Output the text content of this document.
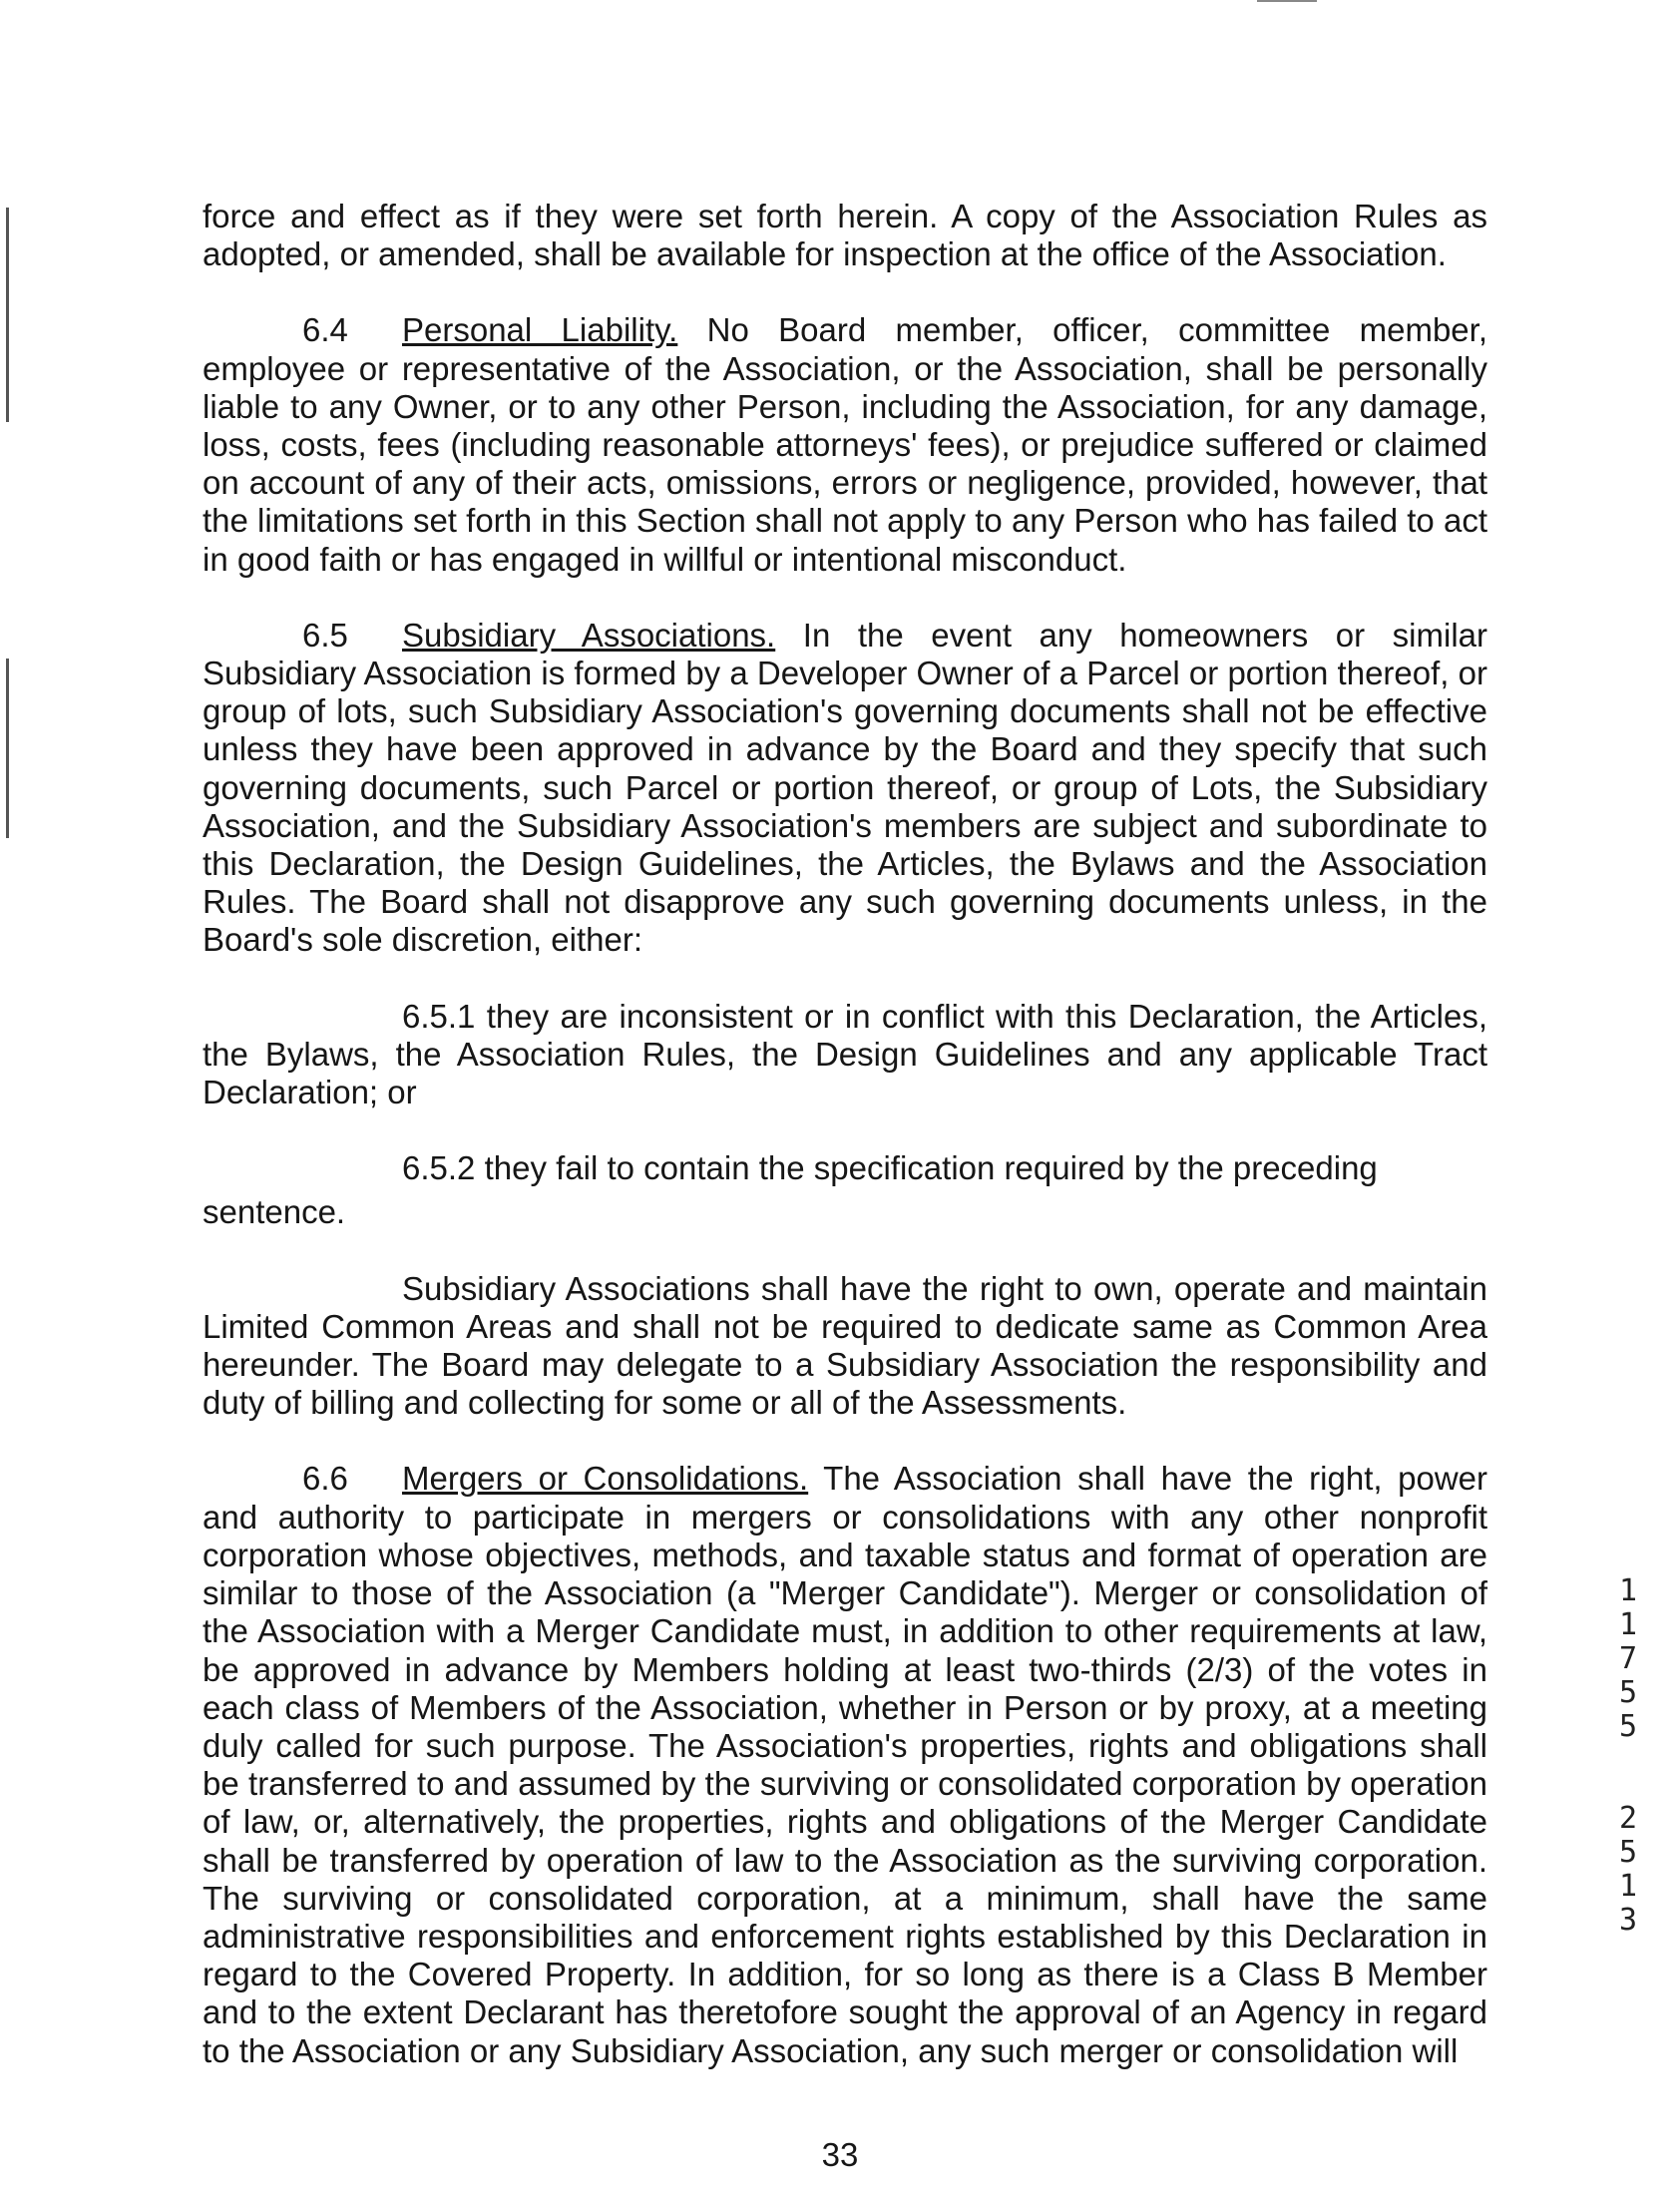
force and effect as if they were set forth herein. A copy of the Association Rules as adopted, or amended, shall be available for inspection at the office of the Association.

6.4 Personal Liability. No Board member, officer, committee member, employee or representative of the Association, or the Association, shall be personally liable to any Owner, or to any other Person, including the Association, for any damage, loss, costs, fees (including reasonable attorneys' fees), or prejudice suffered or claimed on account of any of their acts, omissions, errors or negligence, provided, however, that the limitations set forth in this Section shall not apply to any Person who has failed to act in good faith or has engaged in willful or intentional misconduct.

6.5 Subsidiary Associations. In the event any homeowners or similar Subsidiary Association is formed by a Developer Owner of a Parcel or portion thereof, or group of lots, such Subsidiary Association's governing documents shall not be effective unless they have been approved in advance by the Board and they specify that such governing documents, such Parcel or portion thereof, or group of Lots, the Subsidiary Association, and the Subsidiary Association's members are subject and subordinate to this Declaration, the Design Guidelines, the Articles, the Bylaws and the Association Rules. The Board shall not disapprove any such governing documents unless, in the Board's sole discretion, either:

6.5.1 they are inconsistent or in conflict with this Declaration, the Articles, the Bylaws, the Association Rules, the Design Guidelines and any applicable Tract Declaration; or

6.5.2 they fail to contain the specification required by the preceding

sentence.

Subsidiary Associations shall have the right to own, operate and maintain Limited Common Areas and shall not be required to dedicate same as Common Area hereunder. The Board may delegate to a Subsidiary Association the responsibility and duty of billing and collecting for some or all of the Assessments.

6.6 Mergers or Consolidations. The Association shall have the right, power and authority to participate in mergers or consolidations with any other nonprofit corporation whose objectives, methods, and taxable status and format of operation are similar to those of the Association (a "Merger Candidate"). Merger or consolidation of the Association with a Merger Candidate must, in addition to other requirements at law, be approved in advance by Members holding at least two-thirds (2/3) of the votes in each class of Members of the Association, whether in Person or by proxy, at a meeting duly called for such purpose. The Association's properties, rights and obligations shall be transferred to and assumed by the surviving or consolidated corporation by operation of law, or, alternatively, the properties, rights and obligations of the Merger Candidate shall be transferred by operation of law to the Association as the surviving corporation. The surviving or consolidated corporation, at a minimum, shall have the same administrative responsibilities and enforcement rights established by this Declaration in regard to the Covered Property. In addition, for so long as there is a Class B Member and to the extent Declarant has theretofore sought the approval of an Agency in regard to the Association or any Subsidiary Association, any such merger or consolidation will

33
1
1
7
5
5
2
5
1
3
